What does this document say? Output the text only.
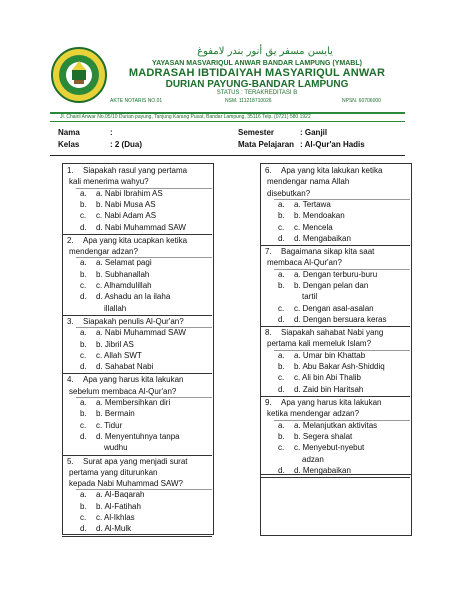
ﻳﺎﻳﺴﻦ ﻣﺴﻔﺮ ﻳﻖ ﺃﻧﻮﺭ ﺑﻨﺪﺭ ﻻﻣﻔﻮﻍ
YAYASAN MASVARIQUL ANWAR BANDAR LAMPUNG (YMABL)
MADRASAH IBTIDAIYAH MASYARIQUL ANWAR
DURIAN PAYUNG-BANDAR LAMPUNG
STATUS : TERAKREDITASI B
AKTE NOTARIS NO.01	NSM. 111218710026	NPSN. 60706000
Jl. Chairil Anwar No.05/10 Durian payung, Tanjung Karang Pusat, Bandar Lampung, 35116 Telp. (0721) 580 1922
Nama	:
Kelas	: 2 (Dua)
Semester	: Ganjil
Mata Pelajaran : Al-Qur'an Hadis
1. Siapakah rasul yang pertama
kali menerima wahyu?
a. a. Nabi Ibrahim AS
b. b. Nabi Musa AS
c. c. Nabi Adam AS
d. d. Nabi Muhammad SAW
2. Apa yang kita ucapkan ketika
mendengar adzan?
a. a. Selamat pagi
b. b. Subhanallah
c. c. Alhamdulillah
d. d. Ashadu an la ilaha
illallah
3. Siapakah penulis Al-Qur'an?
a. a. Nabi Muhammad SAW
b. b. Jibril AS
c. c. Allah SWT
d. d. Sahabat Nabi
4. Apa yang harus kita lakukan
sebelum membaca Al-Qur'an?
a. a. Membersihkan diri
b. b. Bermain
c. c. Tidur
d. d. Menyentuhnya tanpa
wudhu
5. Surat apa yang menjadi surat
pertama yang diturunkan
kepada Nabi Muhammad SAW?
a. a. Al-Baqarah
b. b. Al-Fatihah
c. c. Al-Ikhlas
d. d. Al-Mulk
6. Apa yang kita lakukan ketika
mendengar nama Allah
disebutkan?
a. a. Tertawa
b. b. Mendoakan
c. c. Mencela
d. d. Mengabaikan
7. Bagaimana sikap kita saat
membaca Al-Qur'an?
a. a. Dengan terburu-buru
b. b. Dengan pelan dan
tartil
c. c. Dengan asal-asalan
d. d. Dengan bersuara keras
8. Siapakah sahabat Nabi yang
pertama kali memeluk Islam?
a. a. Umar bin Khattab
b. b. Abu Bakar Ash-Shiddiq
c. c. Ali bin Abi Thalib
d. d. Zaid bin Haritsah
9. Apa yang harus kita lakukan
ketika mendengar adzan?
a. a. Melanjutkan aktivitas
b. b. Segera shalat
c. c. Menyebut-nyebut
adzan
d. d. Mengabaikan
